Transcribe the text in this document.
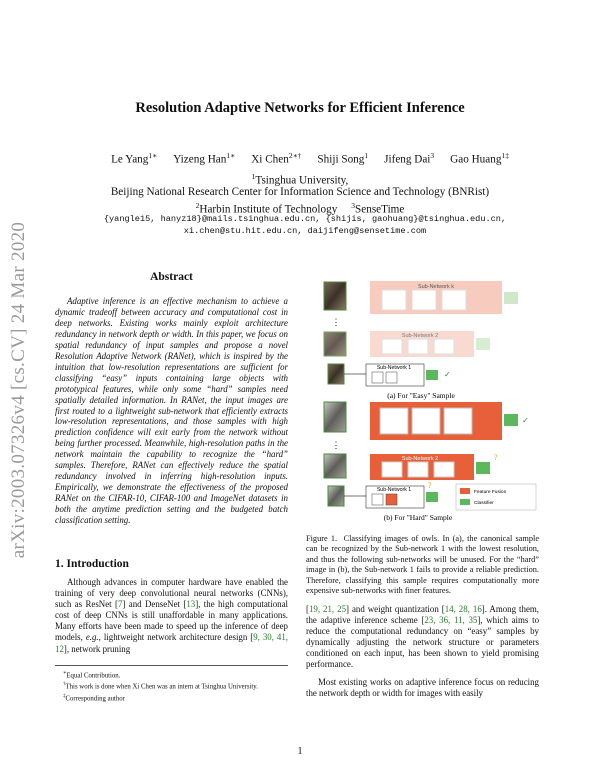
arXiv:2003.07326v4 [cs.CV] 24 Mar 2020
Resolution Adaptive Networks for Efficient Inference
Le Yang$^{1∗}$ Yizeng Han$^{1∗}$ Xi Chen$^{2∗\dagger}$ Shiji Song$^1$ Jifeng Dai$^3$ Gao Huang$^{1\ddagger}$
$^1$Tsinghua University,
Beijing National Research Center for Information Science and Technology (BNRist)
$^2$Harbin Institute of Technology $^3$SenseTime
{yangle15, hanyz18}@mails.tsinghua.edu.cn, {shijis, gaohuang}@tsinghua.edu.cn,
xi.chen@stu.hit.edu.cn, daijifeng@sensetime.com
Abstract

Adaptive inference is an effective mechanism to achieve a dynamic tradeoff between accuracy and computational cost in deep networks. Existing works mainly exploit architecture redundancy in network depth or width. In this paper, we focus on spatial redundancy of input samples and propose a novel Resolution Adaptive Network (RANet), which is inspired by the intuition that low-resolution representations are sufficient for classifying “easy” inputs containing large objects with prototypical features, while only some “hard” samples need spatially detailed information. In RANet, the input images are first routed to a lightweight sub-network that efficiently extracts low-resolution representations, and those samples with high prediction confidence will exit early from the network without being further processed. Meanwhile, high-resolution paths in the network maintain the capability to recognize the “hard” samples. Therefore, RANet can effectively reduce the spatial redundancy involved in inferring high-resolution inputs. Empirically, we demonstrate the effectiveness of the proposed RANet on the CIFAR-10, CIFAR-100 and ImageNet datasets in both the anytime prediction setting and the budgeted batch classification setting.

1. Introduction

Although advances in computer hardware have enabled the training of very deep convolutional neural networks (CNNs), such as ResNet [7] and DenseNet [13], the high computational cost of deep CNNs is still unaffordable in many applications. Many efforts have been made to speed up the inference of deep models, e.g., lightweight network architecture design [9, 30, 41, 12], network pruning

∗Equal Contribution.
†This work is done when Xi Chen was an intern at Tsinghua University.
‡Corresponding author
Sub-Network k
⋮
Sub-Network 2
Sub-Network 1
✓
(a) For "Easy" Sample
✓
⋮
Sub-Network 2	?
Sub-Network 1 ?
Feature Fusion
Classifier
(b) For "Hard" Sample
Figure 1. Classifying images of owls. In (a), the canonical sample can be recognized by the Sub-network 1 with the lowest resolution, and thus the following sub-networks will be unused. For the “hard” image in (b), the Sub-network 1 fails to provide a reliable prediction. Therefore, classifying this sample requires computationally more expensive sub-networks with finer features.

[19, 21, 25] and weight quantization [14, 28, 16]. Among them, the adaptive inference scheme [23, 36, 11, 35], which aims to reduce the computational redundancy on “easy” samples by dynamically adjusting the network structure or parameters conditioned on each input, has been shown to yield promising performance.

Most existing works on adaptive inference focus on reducing the network depth or width for images with easily

1
